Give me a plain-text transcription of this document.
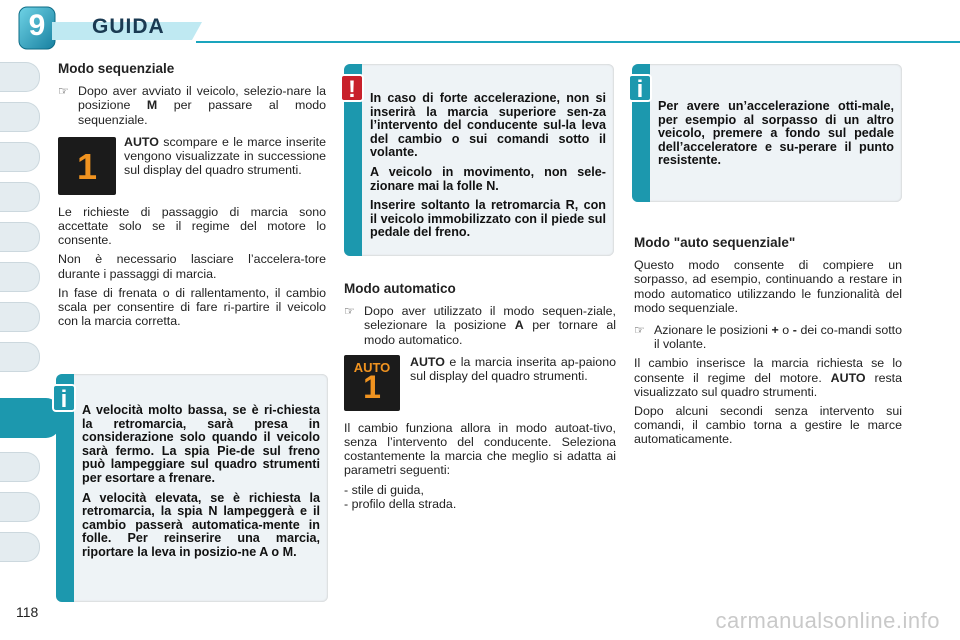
9	GUIDA
Modo sequenziale
☞ Dopo aver avviato il veicolo, selezio-nare la posizione M per passare al modo sequenziale.
1
AUTO scompare e le marce inserite vengono visualizzate in successione sul display del quadro strumenti.
Le richieste di passaggio di marcia sono accettate solo se il regime del motore lo consente.
Non è necessario lasciare l’accelera-tore durante i passaggi di marcia.
In fase di frenata o di rallentamento, il cambio scala per consentire di fare ri-partire il veicolo con la marcia corretta.

A velocità molto bassa, se è ri-chiesta la retromarcia, sarà presa in considerazione solo quando il veicolo sarà fermo. La spia Pie-de sul freno può lampeggiare sul quadro strumenti per esortare a frenare.

A velocità elevata, se è richiesta la retromarcia, la spia N lampeggerà e il cambio passerà automatica-mente in folle. Per reinserire una marcia, riportare la leva in posizio-ne A o M.

i

In caso di forte accelerazione, non si inserirà la marcia superiore sen-za l’intervento del conducente sul-la leva del cambio o sui comandi sotto il volante.

A veicolo in movimento, non sele-zionare mai la folle N.

Inserire soltanto la retromarcia R, con il veicolo immobilizzato con il piede sul pedale del freno.

!
Modo automatico
☞ Dopo aver utilizzato il modo sequen-ziale, selezionare la posizione A per tornare al modo automatico.
AUTO
1
AUTO e la marcia inserita ap-paiono sul display del quadro strumenti.
Il cambio funziona allora in modo autoat-tivo, senza l’intervento del conducente. Seleziona costantemente la marcia che meglio si adatta ai parametri seguenti:
- stile di guida,
- profilo della strada.
Per avere un’accelerazione otti-male, per esempio al sorpasso di un altro veicolo, premere a fondo sul pedale dell’acceleratore e su-perare il punto resistente.
i
Modo "auto sequenziale"
Questo modo consente di compiere un sorpasso, ad esempio, continuando a restare in modo automatico utilizzando le funzionalità del modo sequenziale.
☞ Azionare le posizioni + o - dei co-mandi sotto il volante.
Il cambio inserisce la marcia richiesta se lo consente il regime del motore. AUTO resta visualizzato sul quadro strumenti.
Dopo alcuni secondi senza intervento sui comandi, il cambio torna a gestire le marce automaticamente.
118	carmanualsonline.info
